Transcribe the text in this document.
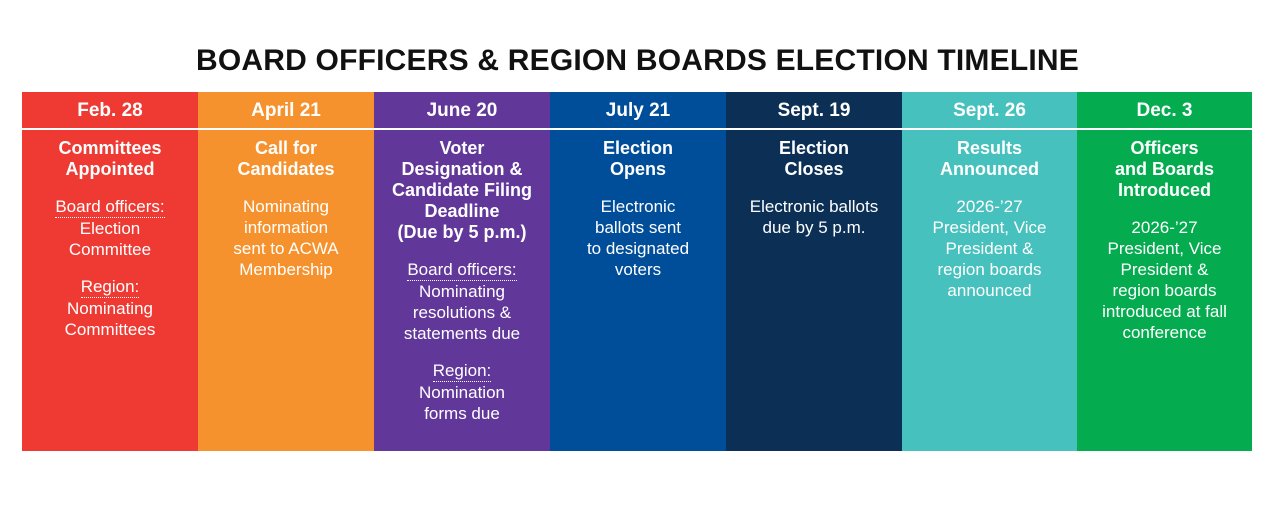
BOARD OFFICERS & REGION BOARDS ELECTION TIMELINE
Feb. 28
Committees
Appointed
Board officers:
Election
Committee
Region:
Nominating
Committees
April 21
Call for
Candidates
Nominating
information
sent to ACWA
Membership
June 20
Voter
Designation &
Candidate Filing
Deadline
(Due by 5 p.m.)
Board officers:
Nominating
resolutions &
statements due
Region:
Nomination
forms due
July 21
Election
Opens
Electronic
ballots sent
to designated
voters
Sept. 19
Election
Closes
Electronic ballots
due by 5 p.m.
Sept. 26
Results
Announced
2026-’27
President, Vice
President &
region boards
announced
Dec. 3
Officers
and Boards
Introduced
2026-’27
President, Vice
President &
region boards
introduced at fall
conference
